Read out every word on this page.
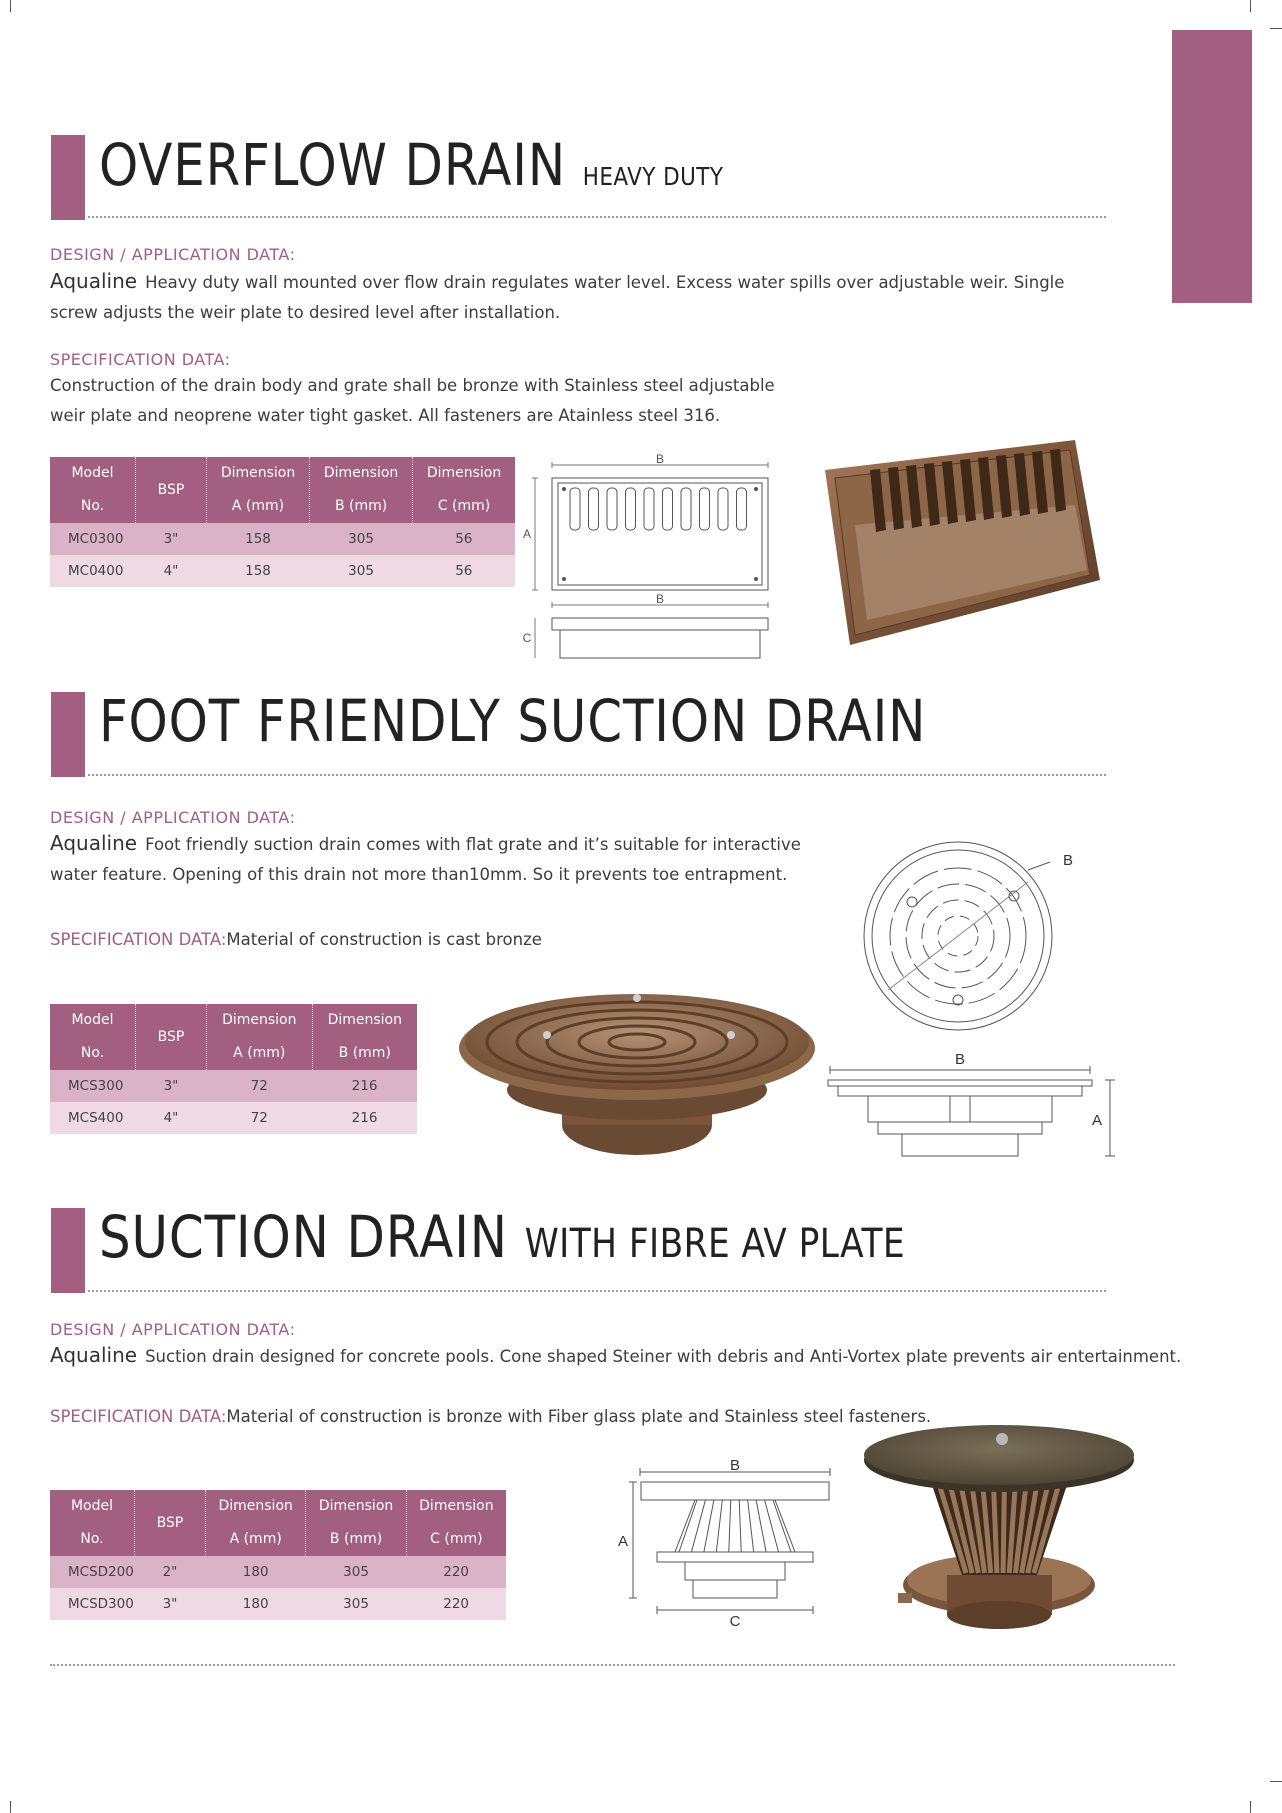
OVERFLOW DRAIN HEAVY DUTY
DESIGN / APPLICATION DATA:

Aqualine Heavy duty wall mounted over flow drain regulates water level. Excess water spills over adjustable weir. Single screw adjusts the weir plate to desired level after installation.

SPECIFICATION DATA:

Construction of the drain body and grate shall be bronze with Stainless steel adjustable
weir plate and neoprene water tight gasket. All fasteners are Atainless steel 316.

Model
No.	BSP	Dimension
A (mm)	Dimension
B (mm)	Dimension
C (mm)
MC0300	3"	158	305	56
MC0400	4"	158	305	56
B
A
B
C
FOOT FRIENDLY SUCTION DRAIN
DESIGN / APPLICATION DATA:

Aqualine Foot friendly suction drain comes with flat grate and it’s suitable for interactive
water feature. Opening of this drain not more than10mm. So it prevents toe entrapment.

SPECIFICATION DATA:Material of construction is cast bronze
Model
No.	BSP	Dimension
A (mm)	Dimension
B (mm)
MCS300	3"	72	216
MCS400	4"	72	216
B
B
A
SUCTION DRAIN WITH FIBRE AV PLATE
DESIGN / APPLICATION DATA:

Aqualine Suction drain designed for concrete pools. Cone shaped Steiner with debris and Anti-Vortex plate prevents air entertainment.

SPECIFICATION DATA:Material of construction is bronze with Fiber glass plate and Stainless steel fasteners.
Model
No.	BSP	Dimension
A (mm)	Dimension
B (mm)	Dimension
C (mm)
MCSD200	2"	180	305	220
MCSD300	3"	180	305	220
B
A
C
